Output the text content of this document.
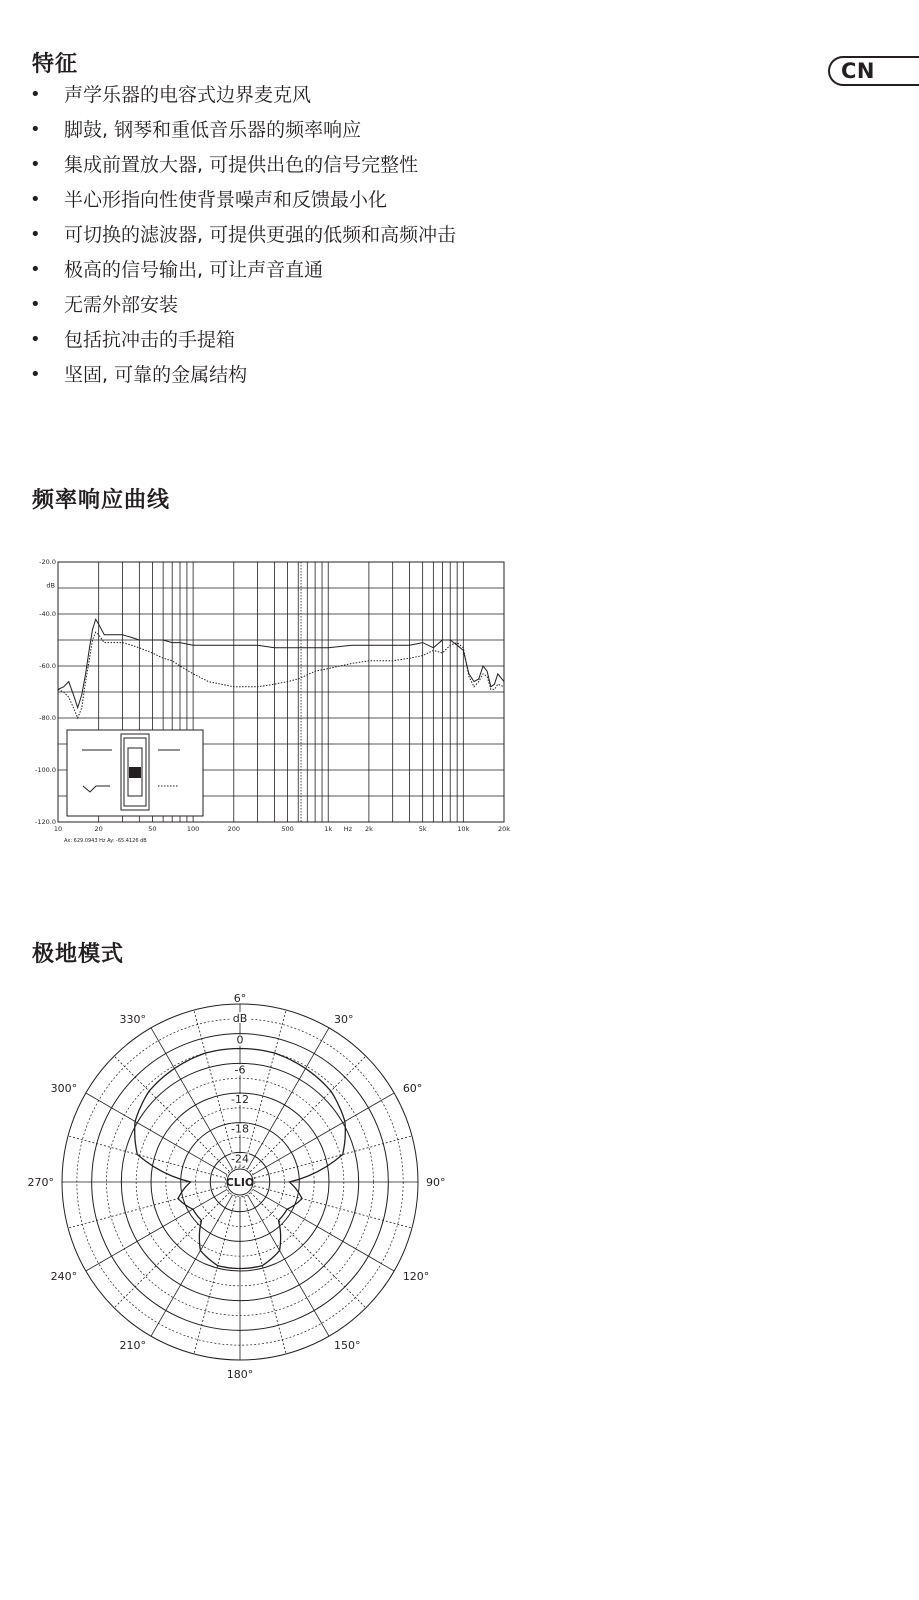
CN
特征
• 声学乐器的电容式边界麦克风
• 脚鼓, 钢琴和重低音乐器的频率响应
• 集成前置放大器, 可提供出色的信号完整性
• 半心形指向性使背景噪声和反馈最小化
• 可切换的滤波器, 可提供更强的低频和高频冲击
• 极高的信号输出, 可让声音直通
• 无需外部安装
• 包括抗冲击的手提箱
• 坚固, 可靠的金属结构
频率响应曲线
-20.0
-40.0
-60.0
-80.0
-100.0
-120.0
dB
10	20	50	100	200	500	1k	2k	5k	10k	20k
Hz
Ax: 629.0943 Hz Ay: -65.4126 dB
极地模式
CLIO
0
-6
-12
-18
-24
dB
6°
330°	30°
300°	60°
270°	90°
240°	120°
210°	150°
180°
